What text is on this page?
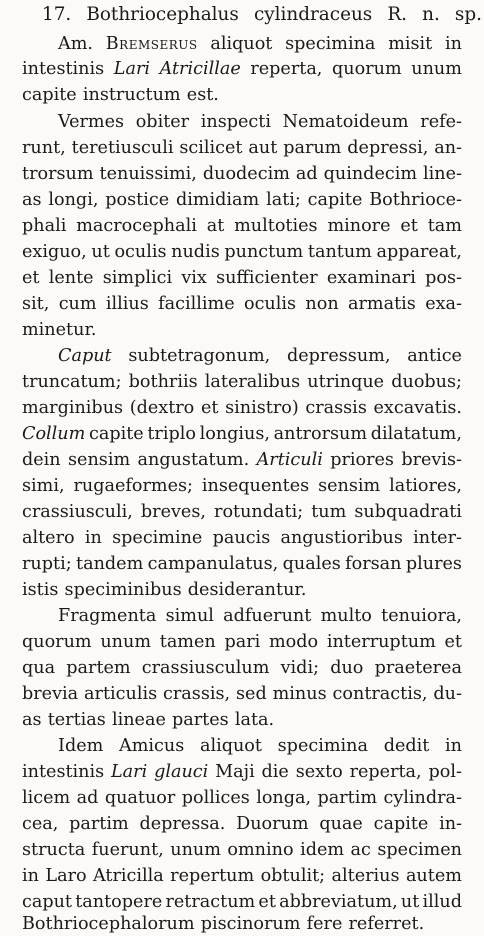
17. Bothriocephalus cylindraceus R. n. sp.
Am. Bremserus aliquot specimina misit in
intestinis Lari Atricillae reperta, quorum unum
capite instructum est.
Vermes obiter inspecti Nematoideum refe-
runt, teretiusculi scilicet aut parum depressi, an-
trorsum tenuissimi, duodecim ad quindecim line-
as longi, postice dimidiam lati; capite Bothrioce-
phali macrocephali at multoties minore et tam
exiguo, ut oculis nudis punctum tantum appareat,
et lente simplici vix sufficienter examinari pos-
sit, cum illius facillime oculis non armatis exa-
minetur.
Caput subtetragonum, depressum, antice
truncatum; bothriis lateralibus utrinque duobus;
marginibus (dextro et sinistro) crassis excavatis.
Collum capite triplo longius, antrorsum dilatatum,
dein sensim angustatum. Articuli priores brevis-
simi, rugaeformes; insequentes sensim latiores,
crassiusculi, breves, rotundati; tum subquadrati
altero in specimine paucis angustioribus inter-
rupti; tandem campanulatus, quales forsan plures
istis speciminibus desiderantur.
Fragmenta simul adfuerunt multo tenuiora,
quorum unum tamen pari modo interruptum et
qua partem crassiusculum vidi; duo praeterea
brevia articulis crassis, sed minus contractis, du-
as tertias lineae partes lata.
Idem Amicus aliquot specimina dedit in
intestinis Lari glauci Maji die sexto reperta, pol-
licem ad quatuor pollices longa, partim cylindra-
cea, partim depressa. Duorum quae capite in-
structa fuerunt, unum omnino idem ac specimen
in Laro Atricilla repertum obtulit; alterius autem
caput tantopere retractum et abbreviatum, ut illud
Bothriocephalorum piscinorum fere referret.
